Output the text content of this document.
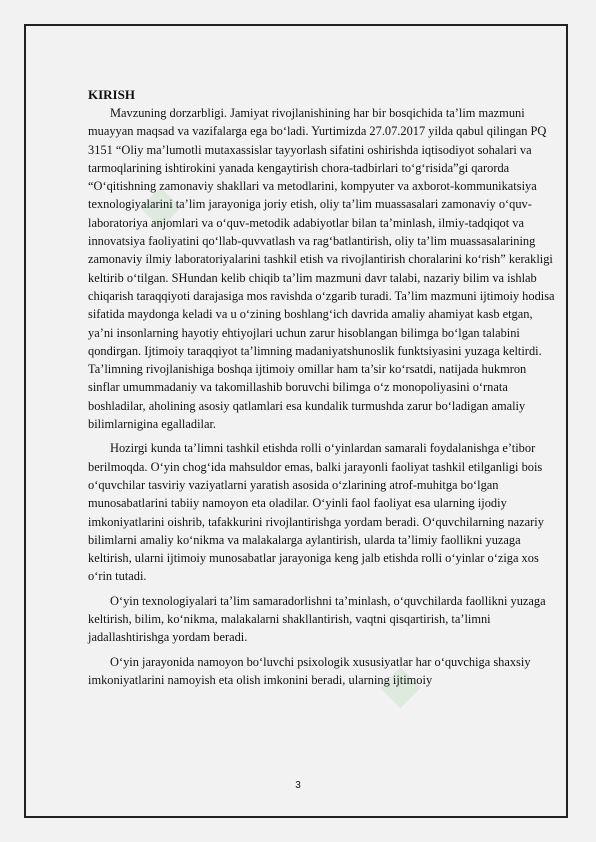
■
■

KIRISH

Mavzuning dorzarbligi. Jamiyat rivojlanishining har bir bosqichida ta’lim mazmuni muayyan maqsad va vazifalarga ega bo‘ladi. Yurtimizda 27.07.2017 yilda qabul qilingan PQ 3151 “Oliy ma’lumotli mutaxassislar tayyorlash sifatini oshirishda iqtisodiyot sohalari va tarmoqlarining ishtirokini yanada kengaytirish chora-tadbirlari to‘g‘risida”gi qarorda “O‘qitishning zamonaviy shakllari va metodlarini, kompyuter va axborot-kommunikatsiya texnologiyalarini ta’lim jarayoniga joriy etish, oliy ta’lim muassasalari zamonaviy o‘quv-laboratoriya anjomlari va o‘quv-metodik adabiyotlar bilan ta’minlash, ilmiy-tadqiqot va innovatsiya faoliyatini qo‘llab-quvvatlash va rag‘batlantirish, oliy ta’lim muassasalarining zamonaviy ilmiy laboratoriyalarini tashkil etish va rivojlantirish choralarini ko‘rish” kerakligi keltirib o‘tilgan. SHundan kelib chiqib ta’lim mazmuni davr talabi, nazariy bilim va ishlab chiqarish taraqqiyoti darajasiga mos ravishda o‘zgarib turadi. Ta’lim mazmuni ijtimoiy hodisa sifatida maydonga keladi va u o‘zining boshlang‘ich davrida amaliy ahamiyat kasb etgan, ya’ni insonlarning hayotiy ehtiyojlari uchun zarur hisoblangan bilimga bo‘lgan talabini qondirgan. Ijtimoiy taraqqiyot ta’limning madaniyatshunoslik funktsiyasini yuzaga keltirdi. Ta’limning rivojlanishiga boshqa ijtimoiy omillar ham ta’sir ko‘rsatdi, natijada hukmron sinflar umummadaniy va takomillashib boruvchi bilimga o‘z monopoliyasini o‘rnata boshladilar, aholining asosiy qatlamlari esa kundalik turmushda zarur bo‘ladigan amaliy bilimlarnigina egalladilar.

Hozirgi kunda ta’limni tashkil etishda rolli o‘yinlardan samarali foydalanishga e’tibor berilmoqda. O‘yin chog‘ida mahsuldor emas, balki jarayonli faoliyat tashkil etilganligi bois o‘quvchilar tasviriy vaziyatlarni yaratish asosida o‘zlarining atrof-muhitga bo‘lgan munosabatlarini tabiiy namoyon eta oladilar. O‘yinli faol faoliyat esa ularning ijodiy imkoniyatlarini oishrib, tafakkurini rivojlantirishga yordam beradi. O‘quvchilarning nazariy bilimlarni amaliy ko‘nikma va malakalarga aylantirish, ularda ta’limiy faollikni yuzaga keltirish, ularni ijtimoiy munosabatlar jarayoniga keng jalb etishda rolli o‘yinlar o‘ziga xos o‘rin tutadi.

O‘yin texnologiyalari ta’lim samaradorlishni ta’minlash, o‘quvchilarda faollikni yuzaga keltirish, bilim, ko‘nikma, malakalarni shakllantirish, vaqtni qisqartirish, ta’limni jadallashtirishga yordam beradi.

O‘yin jarayonida namoyon bo‘luvchi psixologik xususiyatlar har o‘quvchiga shaxsiy imkoniyatlarini namoyish eta olish imkonini beradi, ularning ijtimoiy

3
